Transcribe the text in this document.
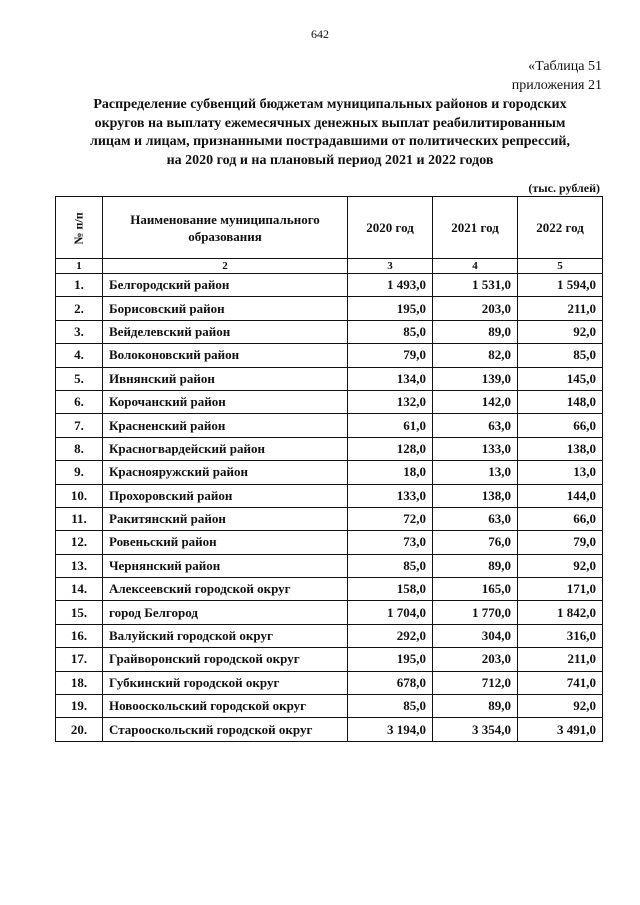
642
«Таблица 51
приложения 21
Распределение субвенций бюджетам муниципальных районов и городских
округов на выплату ежемесячных денежных выплат реабилитированным
лицам и лицам, признанными пострадавшими от политических репрессий,
на 2020 год и на плановый период 2021 и 2022 годов
(тыс. рублей)
№ п/п	Наименование муниципального образования	2020 год	2021 год	2022 год
1	2	3	4	5
1.	Белгородский район	1 493,0	1 531,0	1 594,0
2.	Борисовский район	195,0	203,0	211,0
3.	Вейделевский район	85,0	89,0	92,0
4.	Волоконовский район	79,0	82,0	85,0
5.	Ивнянский район	134,0	139,0	145,0
6.	Корочанский район	132,0	142,0	148,0
7.	Красненский район	61,0	63,0	66,0
8.	Красногвардейский район	128,0	133,0	138,0
9.	Краснояружский район	18,0	13,0	13,0
10.	Прохоровский район	133,0	138,0	144,0
11.	Ракитянский район	72,0	63,0	66,0
12.	Ровеньский район	73,0	76,0	79,0
13.	Чернянский район	85,0	89,0	92,0
14.	Алексеевский городской округ	158,0	165,0	171,0
15.	город Белгород	1 704,0	1 770,0	1 842,0
16.	Валуйский городской округ	292,0	304,0	316,0
17.	Грайворонский городской округ	195,0	203,0	211,0
18.	Губкинский городской округ	678,0	712,0	741,0
19.	Новооскольский городской округ	85,0	89,0	92,0
20.	Старооскольский городской округ	3 194,0	3 354,0	3 491,0
